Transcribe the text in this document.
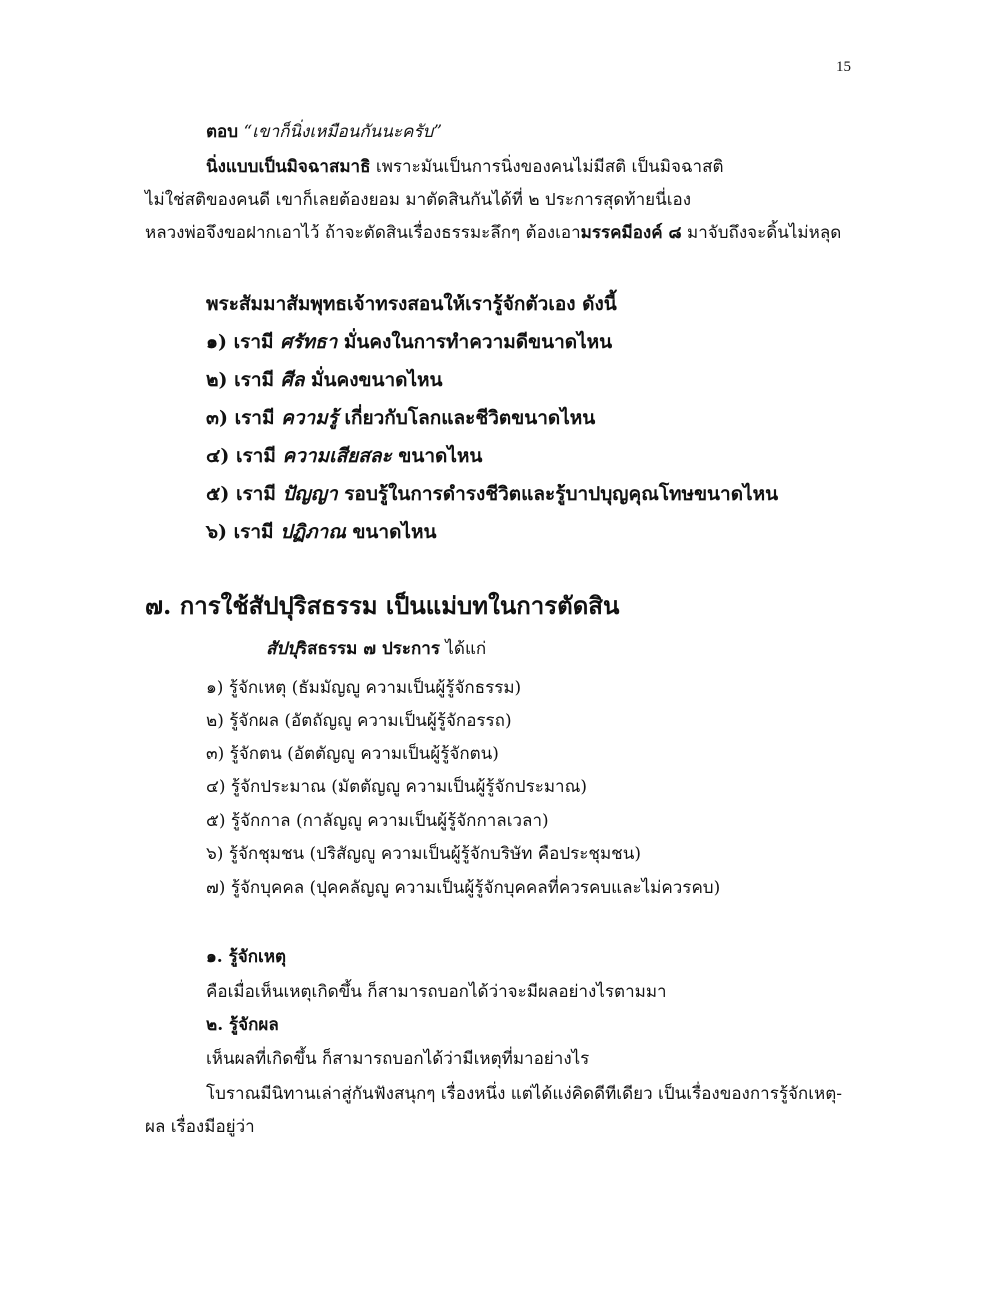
15
ตอบ “เขาก็นิ่งเหมือนกันนะครับ”
นิ่งแบบเป็นมิจฉาสมาธิ เพราะมันเป็นการนิ่งของคนไม่มีสติ เป็นมิจฉาสติ
ไม่ใช่สติของคนดี เขาก็เลยต้องยอม มาตัดสินกันได้ที่ ๒ ประการสุดท้ายนี่เอง
หลวงพ่อจึงขอฝากเอาไว้ ถ้าจะตัดสินเรื่องธรรมะลึกๆ ต้องเอามรรคมีองค์ ๘ มาจับถึงจะดิ้นไม่หลุด
พระสัมมาสัมพุทธเจ้าทรงสอนให้เรารู้จักตัวเอง ดังนี้
๑) เรามี ศรัทธา มั่นคงในการทำความดีขนาดไหน
๒) เรามี ศีล มั่นคงขนาดไหน
๓) เรามี ความรู้ เกี่ยวกับโลกและชีวิตขนาดไหน
๔) เรามี ความเสียสละ ขนาดไหน
๕) เรามี ปัญญา รอบรู้ในการดำรงชีวิตและรู้บาปบุญคุณโทษขนาดไหน
๖) เรามี ปฏิภาณ ขนาดไหน
๗. การใช้สัปปุริสธรรม เป็นแม่บทในการตัดสิน
สัปปุริสธรรม ๗ ประการ ได้แก่
๑) รู้จักเหตุ (ธัมมัญญู ความเป็นผู้รู้จักธรรม)
๒) รู้จักผล (อัตถัญญู ความเป็นผู้รู้จักอรรถ)
๓) รู้จักตน (อัตตัญญู ความเป็นผู้รู้จักตน)
๔) รู้จักประมาณ (มัตตัญญู ความเป็นผู้รู้จักประมาณ)
๕) รู้จักกาล (กาลัญญู ความเป็นผู้รู้จักกาลเวลา)
๖) รู้จักชุมชน (ปริสัญญู ความเป็นผู้รู้จักบริษัท คือประชุมชน)
๗) รู้จักบุคคล (ปุคคลัญญู ความเป็นผู้รู้จักบุคคลที่ควรคบและไม่ควรคบ)
๑. รู้จักเหตุ
คือเมื่อเห็นเหตุเกิดขึ้น ก็สามารถบอกได้ว่าจะมีผลอย่างไรตามมา
๒. รู้จักผล
เห็นผลที่เกิดขึ้น ก็สามารถบอกได้ว่ามีเหตุที่มาอย่างไร
โบราณมีนิทานเล่าสู่กันฟังสนุกๆ เรื่องหนึ่ง แต่ได้แง่คิดดีทีเดียว เป็นเรื่องของการรู้จักเหตุ-
ผล เรื่องมีอยู่ว่า
